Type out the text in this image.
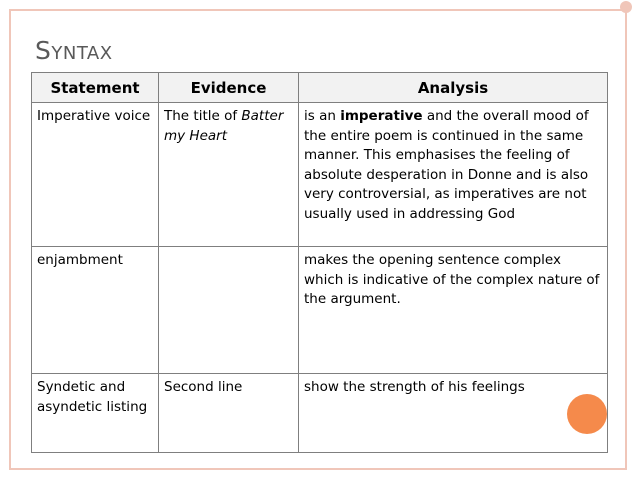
Syntax
Statement	Evidence	Analysis
Imperative voice	The title of Batter my Heart	is an imperative and the overall mood of the entire poem is continued in the same manner. This emphasises the feeling of absolute desperation in Donne and is also very controversial, as imperatives are not usually used in addressing God
enjambment		makes the opening sentence complex which is indicative of the complex nature of the argument.
Syndetic and asyndetic listing	Second line	show the strength of his feelings
